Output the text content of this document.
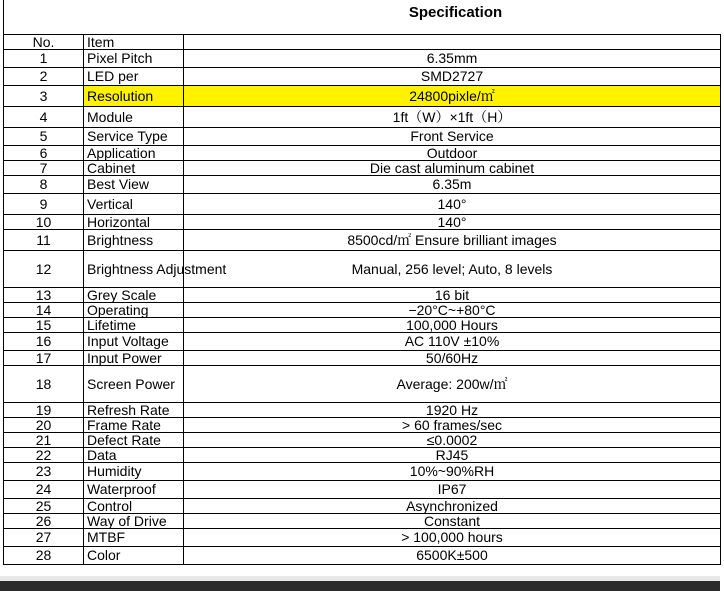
Specification
No.	Item	
1	Pixel Pitch	6.35mm
2	LED per	SMD2727
3	Resolution	24800pixle/㎡
4	Module	1ft（W）×1ft（H）
5	Service Type	Front Service
6	Application	Outdoor
7	Cabinet	Die cast aluminum cabinet
8	Best View	6.35m
9	Vertical	140°
10	Horizontal	140°
11	Brightness	8500cd/㎡ Ensure brilliant images
12	Brightness Adjustment	Manual, 256 level; Auto, 8 levels
13	Grey Scale	16 bit
14	Operating	−20°C~+80°C
15	Lifetime	100,000 Hours
16	Input Voltage	AC 110V ±10%
17	Input Power	50/60Hz
18	Screen Power	Average: 200w/㎡
19	Refresh Rate	1920 Hz
20	Frame Rate	> 60 frames/sec
21	Defect Rate	≤0.0002
22	Data	RJ45
23	Humidity	10%~90%RH
24	Waterproof	IP67
25	Control	Asynchronized
26	Way of Drive	Constant
27	MTBF	> 100,000 hours
28	Color	6500K±500
